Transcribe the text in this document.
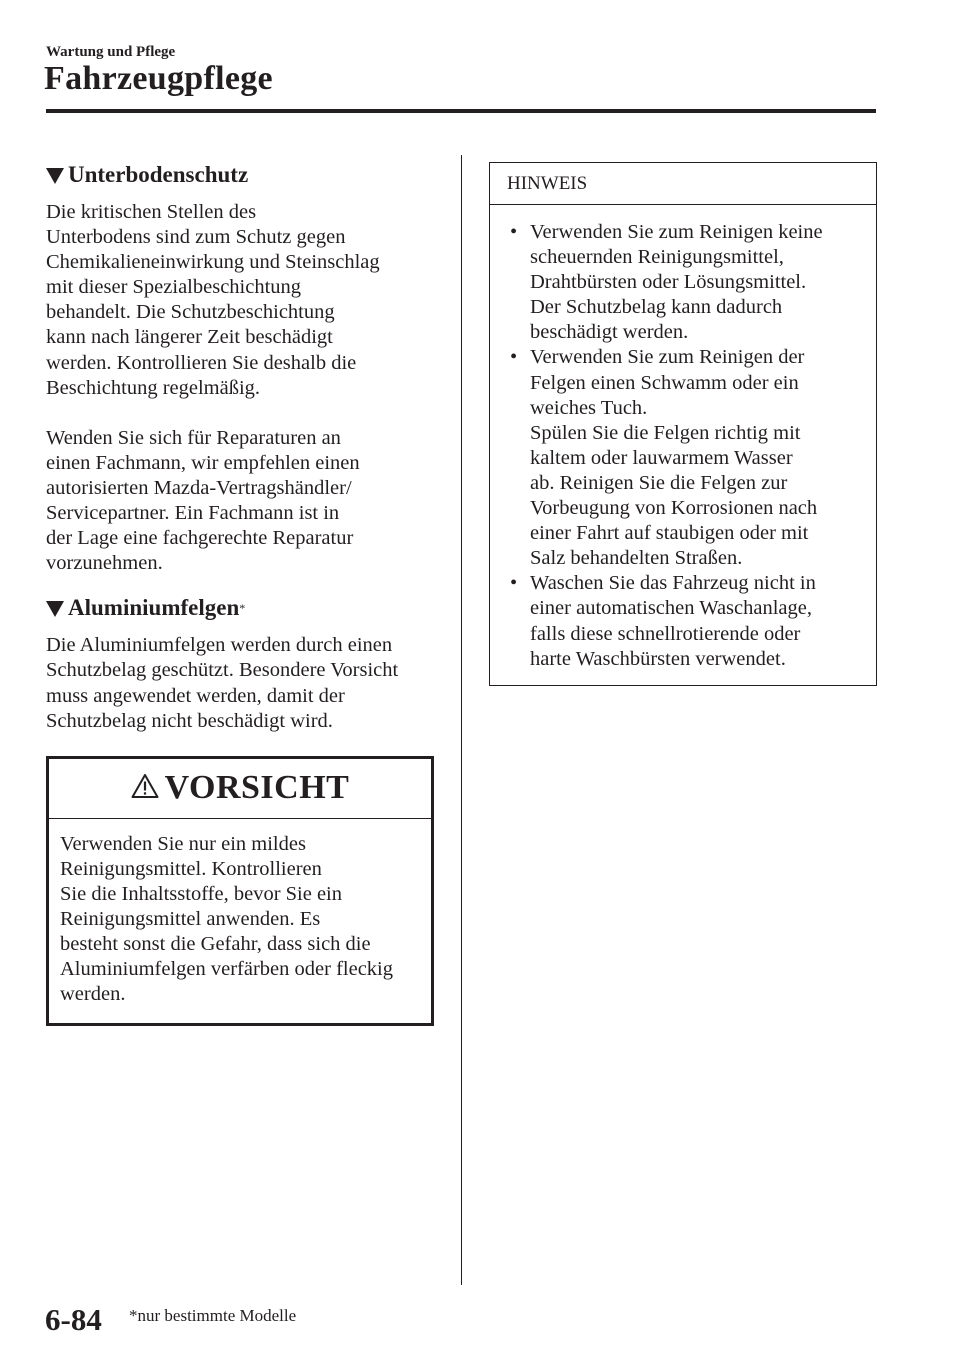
Wartung und Pflege
Fahrzeugpflege
Unterbodenschutz
Die kritischen Stellen des
Unterbodens sind zum Schutz gegen
Chemikalieneinwirkung und Steinschlag
mit dieser Spezialbeschichtung
behandelt. Die Schutzbeschichtung
kann nach längerer Zeit beschädigt
werden. Kontrollieren Sie deshalb die
Beschichtung regelmäßig.
Wenden Sie sich für Reparaturen an
einen Fachmann, wir empfehlen einen
autorisierten Mazda-Vertragshändler/
Servicepartner. Ein Fachmann ist in
der Lage eine fachgerechte Reparatur
vorzunehmen.
Aluminiumfelgen *
Die Aluminiumfelgen werden durch einen
Schutzbelag geschützt. Besondere Vorsicht
muss angewendet werden, damit der
Schutzbelag nicht beschädigt wird.
VORSICHT
Verwenden Sie nur ein mildes
Reinigungsmittel. Kontrollieren
Sie die Inhaltsstoffe, bevor Sie ein
Reinigungsmittel anwenden. Es
besteht sonst die Gefahr, dass sich die
Aluminiumfelgen verfärben oder fleckig
werden.
HINWEIS
• Verwenden Sie zum Reinigen keine
scheuernden Reinigungsmittel,
Drahtbürsten oder Lösungsmittel.
Der Schutzbelag kann dadurch
beschädigt werden.
• Verwenden Sie zum Reinigen der
Felgen einen Schwamm oder ein
weiches Tuch.
Spülen Sie die Felgen richtig mit
kaltem oder lauwarmem Wasser
ab. Reinigen Sie die Felgen zur
Vorbeugung von Korrosionen nach
einer Fahrt auf staubigen oder mit
Salz behandelten Straßen.
• Waschen Sie das Fahrzeug nicht in
einer automatischen Waschanlage,
falls diese schnellrotierende oder
harte Waschbürsten verwendet.
6-84 *nur bestimmte Modelle
